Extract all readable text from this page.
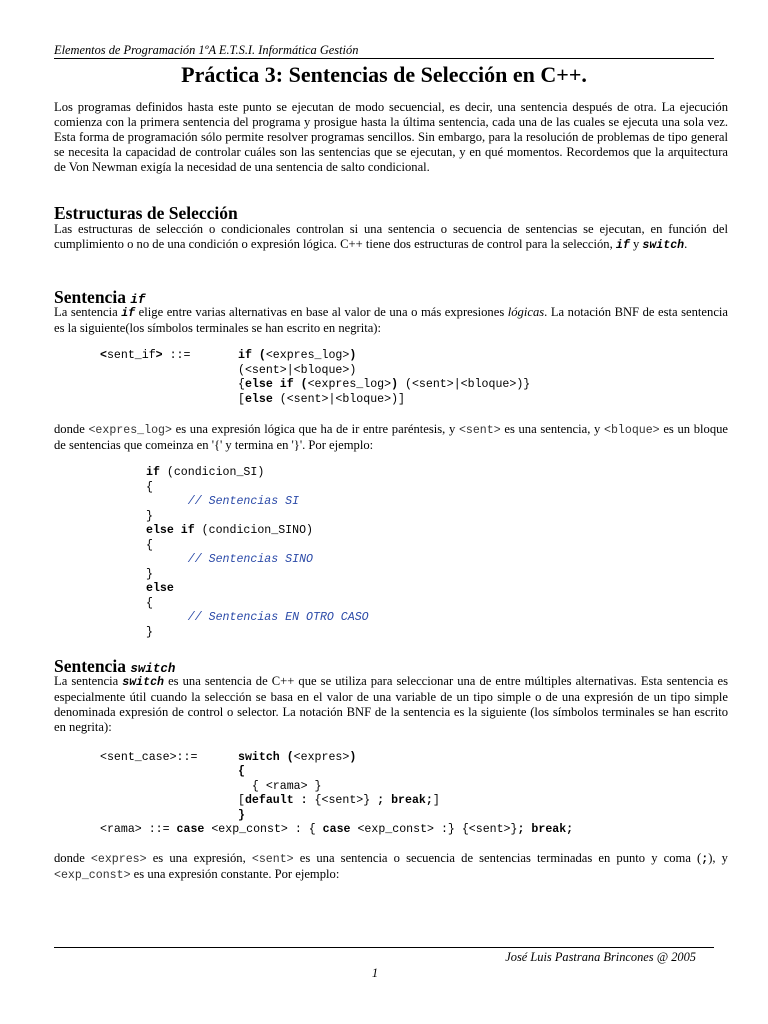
Elementos de Programación 1ºA E.T.S.I. Informática Gestión
Práctica 3: Sentencias de Selección en C++.

Los programas definidos hasta este punto se ejecutan de modo secuencial, es decir, una sentencia después de otra. La ejecución comienza con la primera sentencia del programa y prosigue hasta la última sentencia, cada una de las cuales se ejecuta una sola vez. Esta forma de programación sólo permite resolver programas sencillos. Sin embargo, para la resolución de problemas de tipo general se necesita la capacidad de controlar cuáles son las sentencias que se ejecutan, y en qué momentos. Recordemos que la arquitectura de Von Newman exigía la necesidad de una sentencia de salto condicional.

Estructuras de Selección

Las estructuras de selección o condicionales controlan si una sentencia o secuencia de sentencias se ejecutan, en función del cumplimiento o no de una condición o expresión lógica. C++ tiene dos estructuras de control para la selección, if y switch.

Sentencia if

La sentencia if elige entre varias alternativas en base al valor de una o más expresiones lógicas. La notación BNF de esta sentencia es la siguiente(los símbolos terminales se han escrito en negrita):

<sent_if> ::=	if (<expres_log>)
(<sent>|<bloque>)
{else if (<expres_log>) (<sent>|<bloque>)}
[else (<sent>|<bloque>)]

donde <expres_log> es una expresión lógica que ha de ir entre paréntesis, y <sent> es una sentencia, y <bloque> es un bloque de sentencias que comeinza en '{' y termina en '}'. Por ejemplo:

if (condicion_SI)
{
// Sentencias SI
}
else if (condicion_SINO)
{
// Sentencias SINO
}
else
{
// Sentencias EN OTRO CASO
}
Sentencia switch

La sentencia switch es una sentencia de C++ que se utiliza para seleccionar una de entre múltiples alternativas. Esta sentencia es especialmente útil cuando la selección se basa en el valor de una variable de un tipo simple o de una expresión de un tipo simple denominada expresión de control o selector. La notación BNF de la sentencia es la siguiente (los símbolos terminales se han escrito en negrita):

<sent_case>::=	switch (<expres>)
{
{ <rama> }
[default : {<sent>} ; break;]
}
<rama> ::= case <exp_const> : { case <exp_const> :} {<sent>}; break;

donde <expres> es una expresión, <sent> es una sentencia o secuencia de sentencias terminadas en punto y coma (;), y <exp_const> es una expresión constante. Por ejemplo:

José Luis Pastrana Brincones @ 2005
1
